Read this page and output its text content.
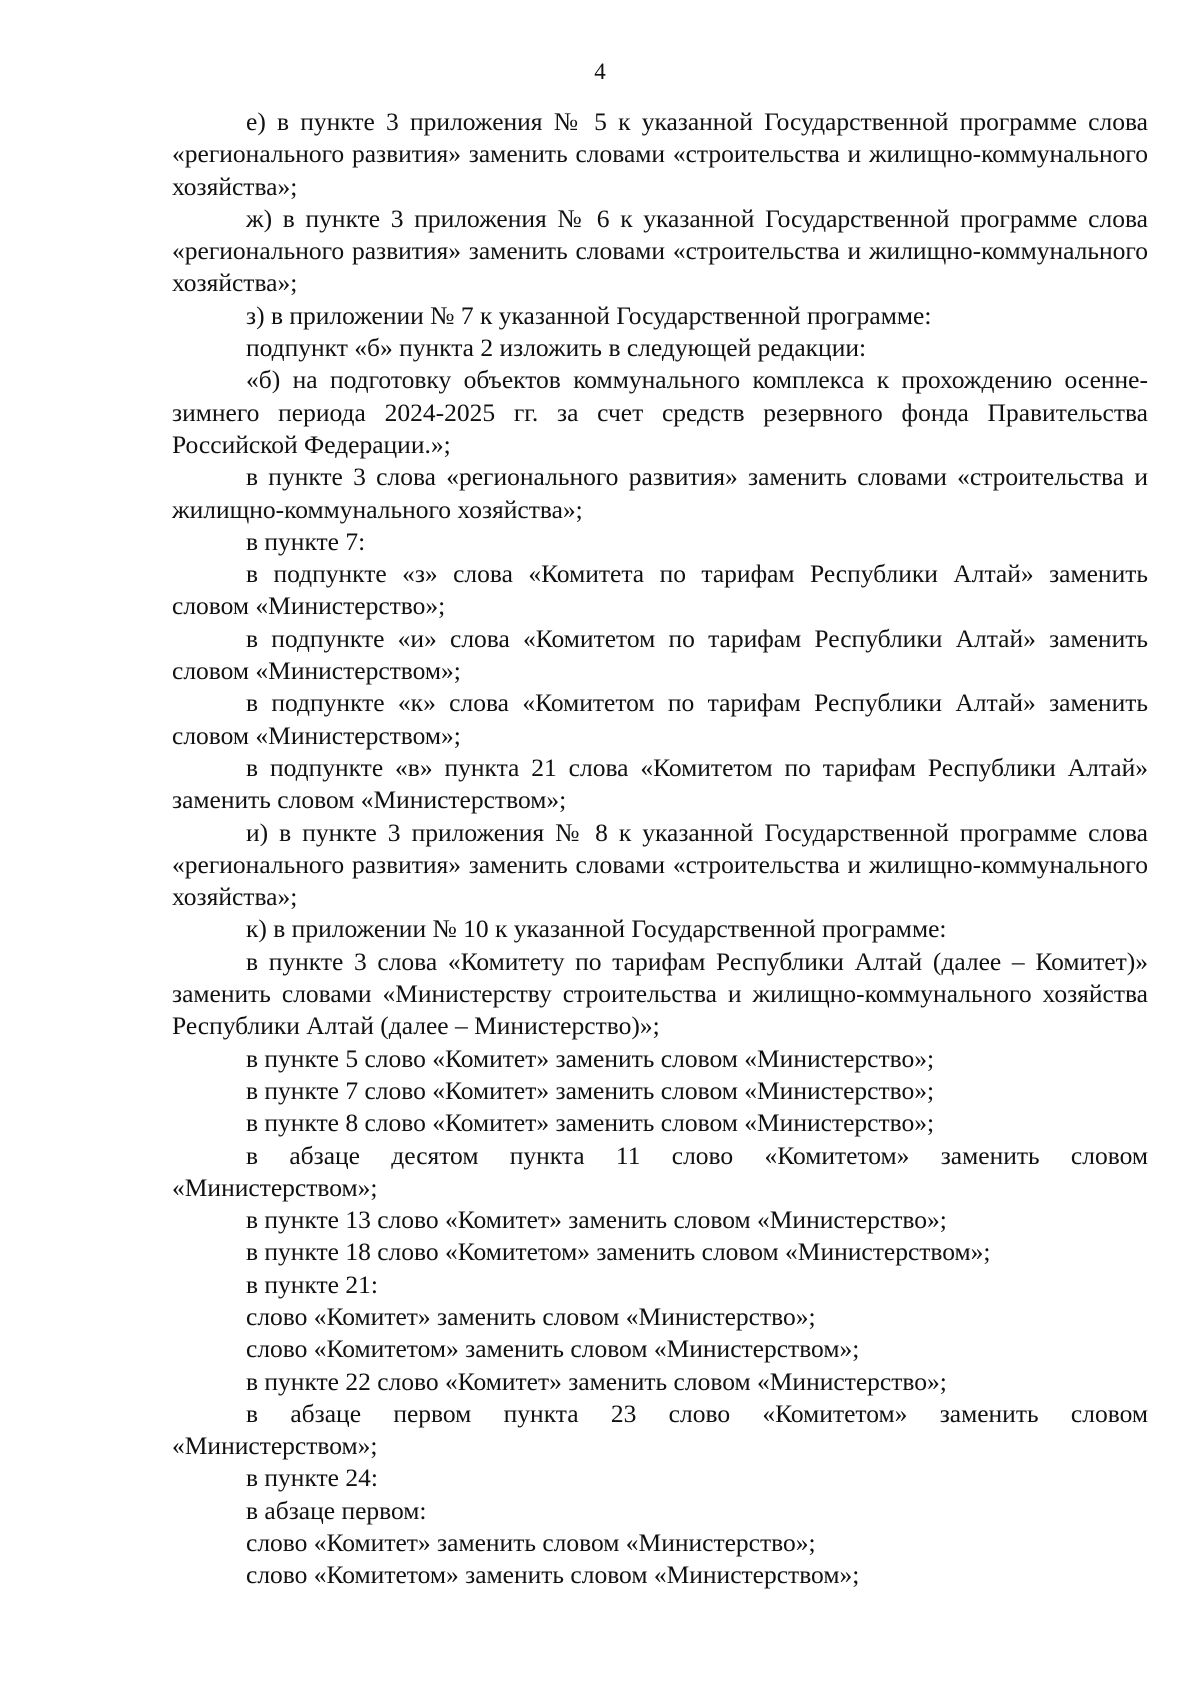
4

е) в пункте 3 приложения № 5 к указанной Государственной программе слова «регионального развития» заменить словами «строительства и жилищно-коммунального хозяйства»;

ж) в пункте 3 приложения № 6 к указанной Государственной программе слова «регионального развития» заменить словами «строительства и жилищно-коммунального хозяйства»;

з) в приложении № 7 к указанной Государственной программе:

подпункт «б» пункта 2 изложить в следующей редакции:

«б) на подготовку объектов коммунального комплекса к прохождению осенне-зимнего периода 2024-2025 гг. за счет средств резервного фонда Правительства Российской Федерации.»;

в пункте 3 слова «регионального развития» заменить словами «строительства и жилищно-коммунального хозяйства»;

в пункте 7:

в подпункте «з» слова «Комитета по тарифам Республики Алтай» заменить словом «Министерство»;

в подпункте «и» слова «Комитетом по тарифам Республики Алтай» заменить словом «Министерством»;

в подпункте «к» слова «Комитетом по тарифам Республики Алтай» заменить словом «Министерством»;

в подпункте «в» пункта 21 слова «Комитетом по тарифам Республики Алтай» заменить словом «Министерством»;

и) в пункте 3 приложения № 8 к указанной Государственной программе слова «регионального развития» заменить словами «строительства и жилищно-коммунального хозяйства»;

к) в приложении № 10 к указанной Государственной программе:

в пункте 3 слова «Комитету по тарифам Республики Алтай (далее – Комитет)» заменить словами «Министерству строительства и жилищно-коммунального хозяйства Республики Алтай (далее – Министерство)»;

в пункте 5 слово «Комитет» заменить словом «Министерство»;

в пункте 7 слово «Комитет» заменить словом «Министерство»;

в пункте 8 слово «Комитет» заменить словом «Министерство»;

в абзаце десятом пункта 11 слово «Комитетом» заменить словом «Министерством»;

в пункте 13 слово «Комитет» заменить словом «Министерство»;

в пункте 18 слово «Комитетом» заменить словом «Министерством»;

в пункте 21:

слово «Комитет» заменить словом «Министерство»;

слово «Комитетом» заменить словом «Министерством»;

в пункте 22 слово «Комитет» заменить словом «Министерство»;

в абзаце первом пункта 23 слово «Комитетом» заменить словом «Министерством»;

в пункте 24:

в абзаце первом:

слово «Комитет» заменить словом «Министерство»;

слово «Комитетом» заменить словом «Министерством»;
